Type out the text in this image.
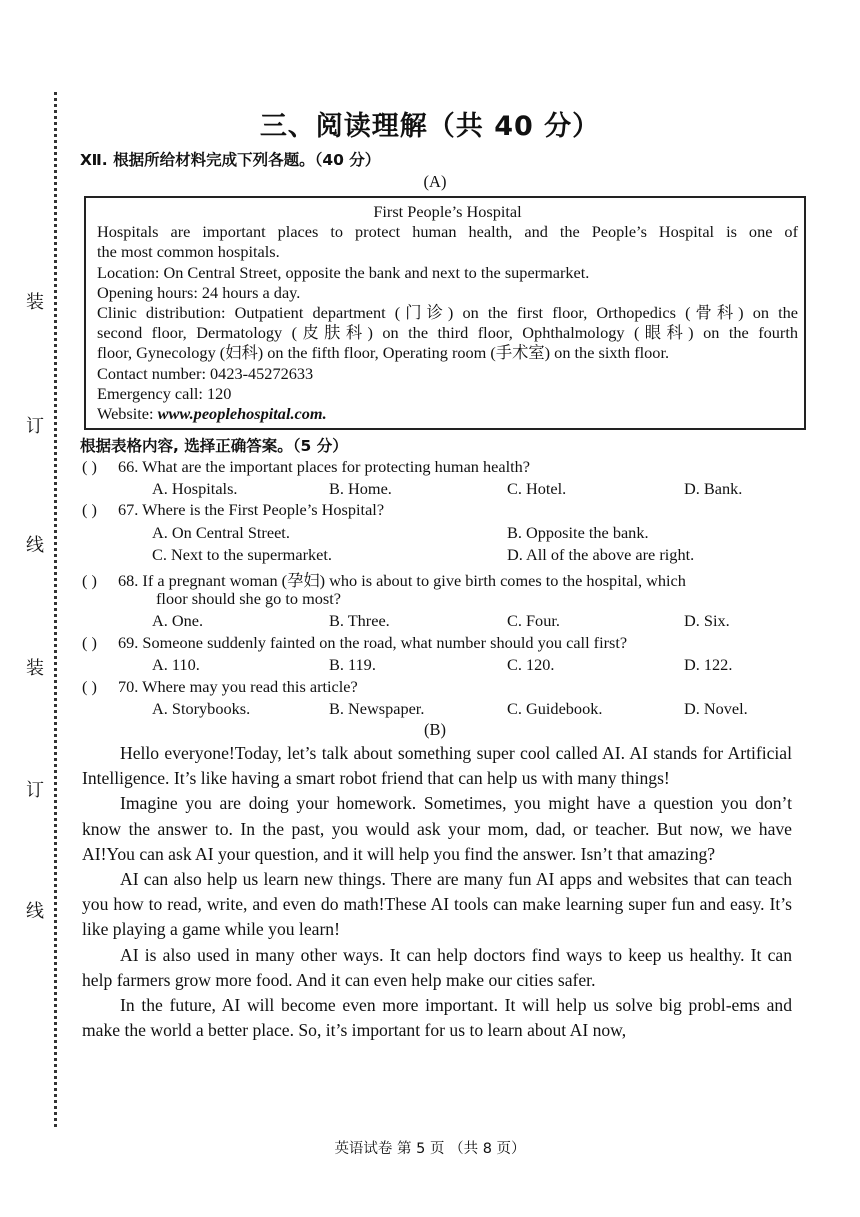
装
订
线
装
订
线
三、阅读理解（共 40 分）
Ⅻ. 根据所给材料完成下列各题。（40 分）
(A)
First People’s Hospital
Hospitals are important places to protect human health, and the People’s Hospital is one of
the most common hospitals.
Location: On Central Street, opposite the bank and next to the supermarket.
Opening hours: 24 hours a day.
Clinic distribution: Outpatient department (门诊) on the first floor, Orthopedics (骨科) on the
second floor, Dermatology (皮肤科) on the third floor, Ophthalmology (眼科) on the fourth
floor, Gynecology (妇科) on the fifth floor, Operating room (手术室) on the sixth floor.
Contact number: 0423-45272633
Emergency call: 120
Website: www.peoplehospital.com.
根据表格内容, 选择正确答案。（5 分）
( ) 66. What are the important places for protecting human health?
A. Hospitals.	B. Home.	C. Hotel.	D. Bank.
( ) 67. Where is the First People’s Hospital?
A. On Central Street.	B. Opposite the bank.
C. Next to the supermarket.	D. All of the above are right.
( ) 68. If a pregnant woman (孕妇) who is about to give birth comes to the hospital, which
floor should she go to most?
A. One.	B. Three.	C. Four.	D. Six.
( ) 69. Someone suddenly fainted on the road, what number should you call first?
A. 110.	B. 119.	C. 120.	D. 122.
( ) 70. Where may you read this article?
A. Storybooks.	B. Newspaper.	C. Guidebook.	D. Novel.
(B)

Hello everyone!Today, let’s talk about something super cool called AI. AI stands for Artificial Intelligence. It’s like having a smart robot friend that can help us with many things!

Imagine you are doing your homework. Sometimes, you might have a question you don’t know the answer to. In the past, you would ask your mom, dad, or teacher. But now, we have AI!You can ask AI your question, and it will help you find the answer. Isn’t that amazing?

AI can also help us learn new things. There are many fun AI apps and websites that can teach you how to read, write, and even do math!These AI tools can make learning super fun and easy. It’s like playing a game while you learn!

AI is also used in many other ways. It can help doctors find ways to keep us healthy. It can help farmers grow more food. And it can even help make our cities safer.

In the future, AI will become even more important. It will help us solve big probl-ems and make the world a better place. So, it’s important for us to learn about AI now,

英语试卷 第 5 页 （共 8 页）
